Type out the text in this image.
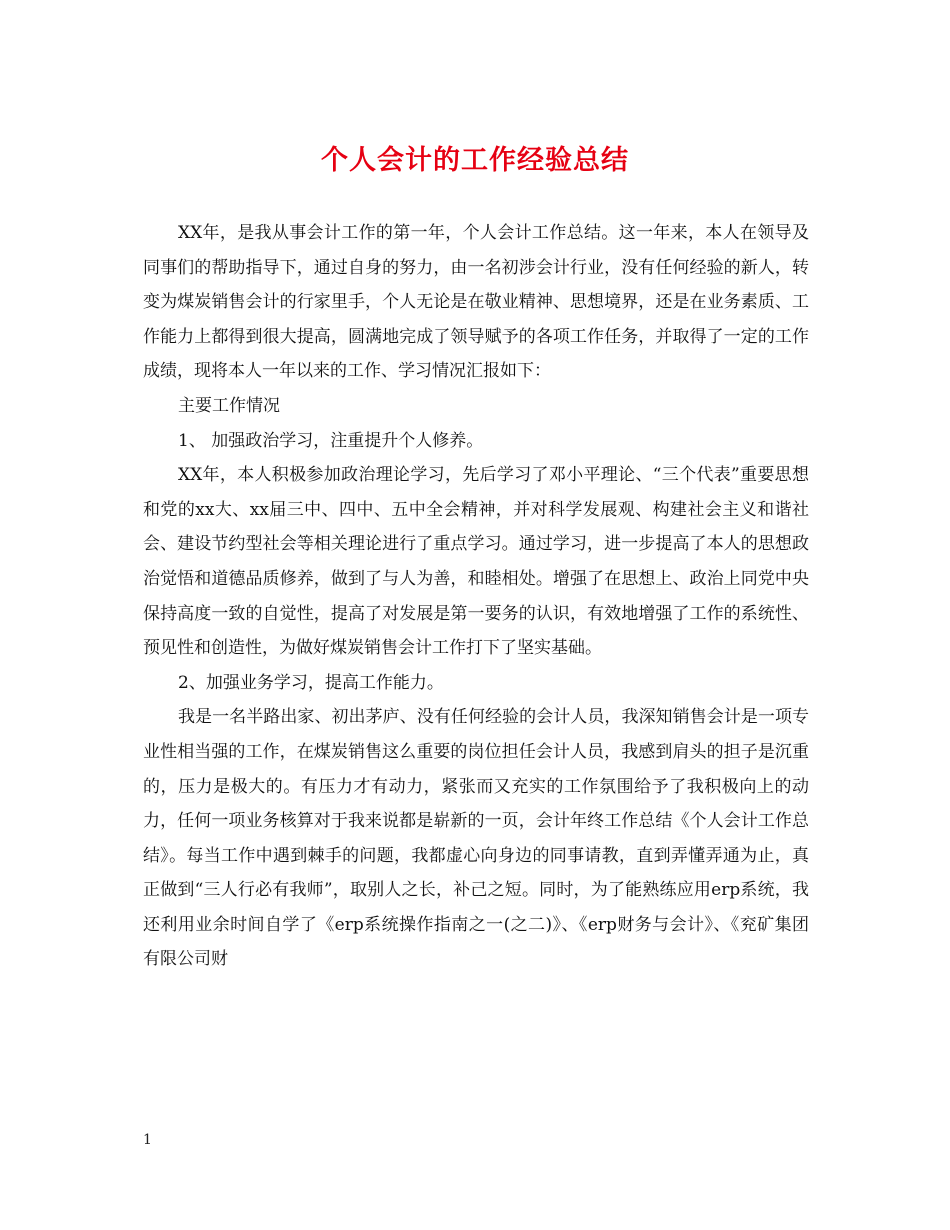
个人会计的工作经验总结

XX年，是我从事会计工作的第一年，个人会计工作总结。这一年来，本人在领导及同事们的帮助指导下，通过自身的努力，由一名初涉会计行业，没有任何经验的新人，转变为煤炭销售会计的行家里手，个人无论是在敬业精神、思想境界，还是在业务素质、工作能力上都得到很大提高，圆满地完成了领导赋予的各项工作任务，并取得了一定的工作成绩，现将本人一年以来的工作、学习情况汇报如下：

主要工作情况

1、 加强政治学习，注重提升个人修养。

XX年，本人积极参加政治理论学习，先后学习了邓小平理论、“三个代表”重要思想和党的xx大、xx届三中、四中、五中全会精神，并对科学发展观、构建社会主义和谐社会、建设节约型社会等相关理论进行了重点学习。通过学习，进一步提高了本人的思想政治觉悟和道德品质修养，做到了与人为善，和睦相处。增强了在思想上、政治上同党中央保持高度一致的自觉性，提高了对发展是第一要务的认识，有效地增强了工作的系统性、预见性和创造性，为做好煤炭销售会计工作打下了坚实基础。

2、加强业务学习，提高工作能力。

我是一名半路出家、初出茅庐、没有任何经验的会计人员，我深知销售会计是一项专业性相当强的工作，在煤炭销售这么重要的岗位担任会计人员，我感到肩头的担子是沉重的，压力是极大的。有压力才有动力，紧张而又充实的工作氛围给予了我积极向上的动力，任何一项业务核算对于我来说都是崭新的一页，会计年终工作总结《个人会计工作总结》。每当工作中遇到棘手的问题，我都虚心向身边的同事请教，直到弄懂弄通为止，真正做到“三人行必有我师”，取别人之长，补己之短。同时，为了能熟练应用erp系统，我还利用业余时间自学了《erp系统操作指南之一(之二)》、《erp财务与会计》、《兖矿集团有限公司财

1
